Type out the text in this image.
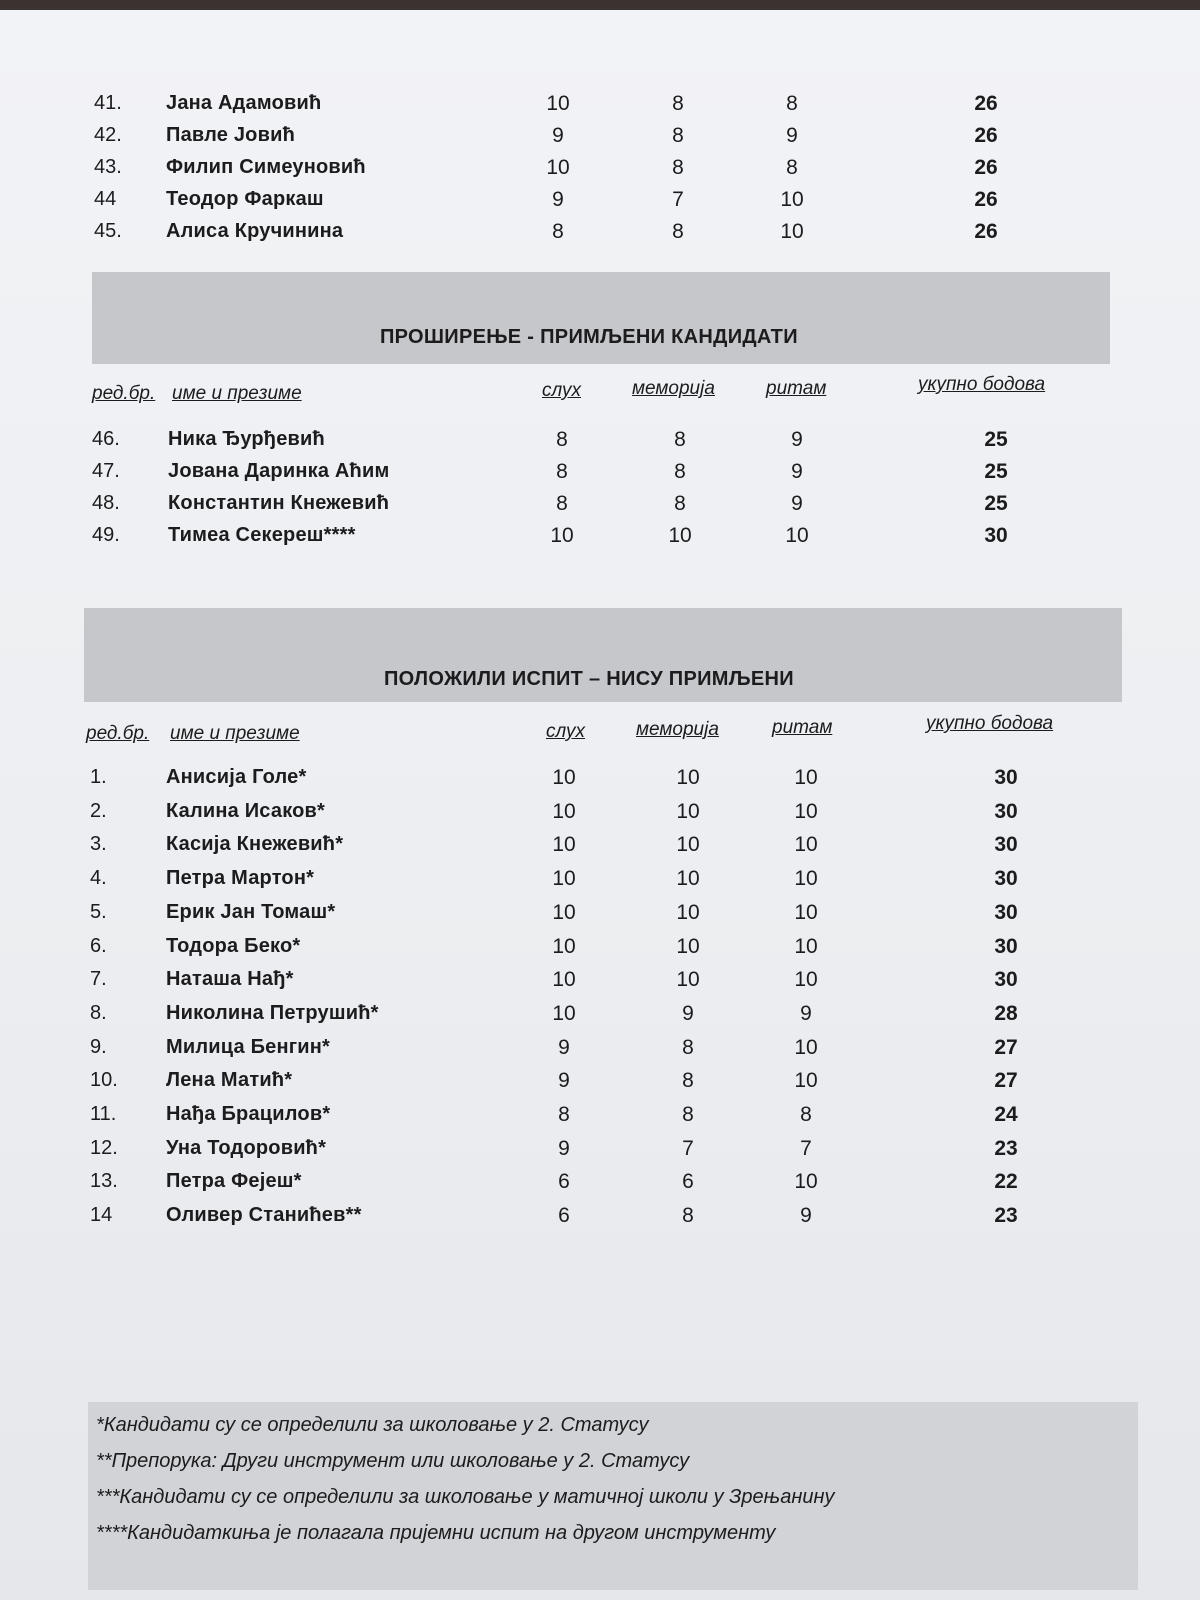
41. Јана Адамовић	10	8	8	26
42. Павле Јовић	9	8	9	26
43. Филип Симеуновић	10	8	8	26
44 Теодор Фаркаш	9	7	10	26
45. Алиса Кручинина	8	8	10	26
ПРОШИРЕЊЕ - ПРИМЉЕНИ КАНДИДАТИ
ред.бр. име и презиме	слух	меморија	ритам	укупно бодова
46. Ника Ђурђевић	8	8	9	25
47. Јована Даринка Аћим	8	8	9	25
48. Константин Кнежевић	8	8	9	25
49. Тимеа Секереш****	10	10	10	30
ПОЛОЖИЛИ ИСПИТ – НИСУ ПРИМЉЕНИ
ред.бр. име и презиме	слух	меморија	ритам	укупно бодова
1.	Анисија Голе*	10	10	10	30
2.	Калина Исаков*	10	10	10	30
3.	Касија Кнежевић*	10	10	10	30
4.	Петра Мартон*	10	10	10	30
5.	Ерик Јан Томаш*	10	10	10	30
6.	Тодора Беко*	10	10	10	30
7.	Наташа Нађ*	10	10	10	30
8.	Николина Петрушић*	10	9	9	28
9.	Милица Бенгин*	9	8	10	27
10. Лена Матић*	9	8	10	27
11. Нађа Брацилов*	8	8	8	24
12. Уна Тодоровић*	9	7	7	23
13. Петра Фејеш*	6	6	10	22
14	Оливер Станићев**	6	8	9	23
*Кандидати су се определили за школовање у 2. Статусу
**Препорука: Други инструмент или школовање у 2. Статусу
***Кандидати су се определили за школовање у матичној школи у Зрењанину
****Кандидаткиња је полагала пријемни испит на другом инструменту
